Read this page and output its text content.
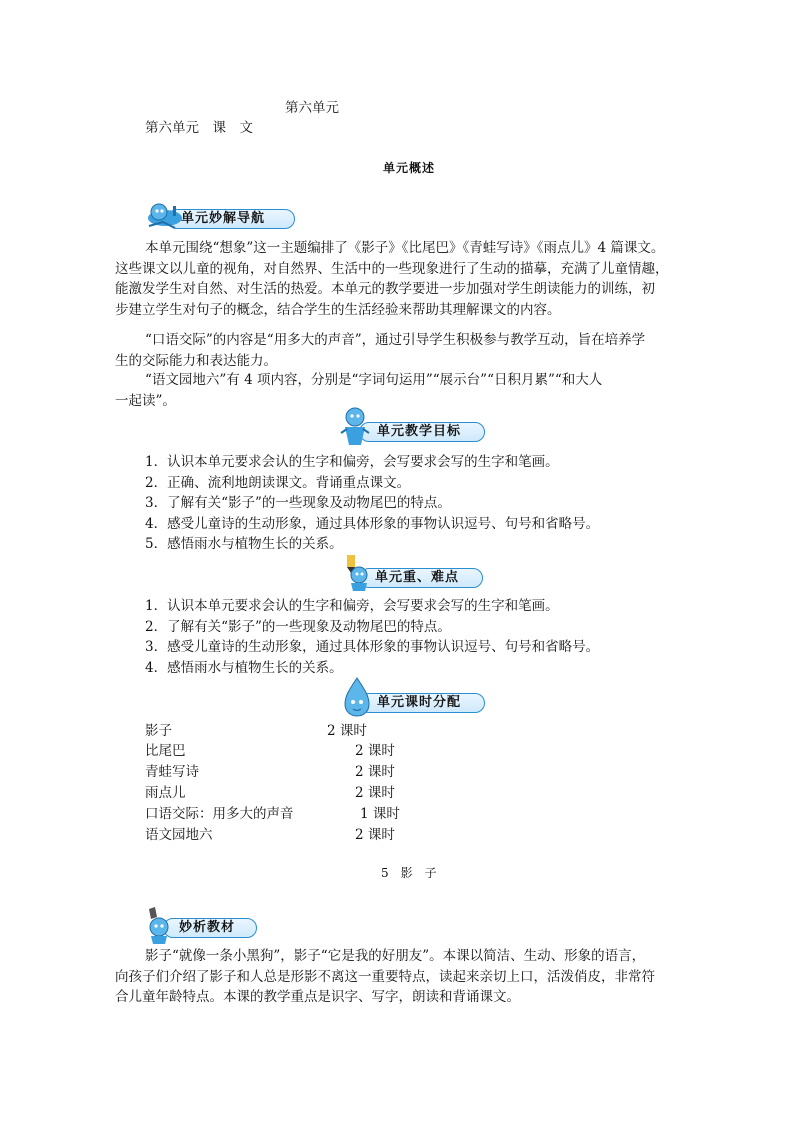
第六单元
第六单元　课　文
单元概述
单元妙解导航
本单元围绕“想象”这一主题编排了《影子》《比尾巴》《青蛙写诗》《雨点儿》4 篇课文。
这些课文以儿童的视角，对自然界、生活中的一些现象进行了生动的描摹，充满了儿童情趣，
能激发学生对自然、对生活的热爱。本单元的教学要进一步加强对学生朗读能力的训练，初
步建立学生对句子的概念，结合学生的生活经验来帮助其理解课文的内容。
“口语交际”的内容是“用多大的声音”，通过引导学生积极参与教学互动，旨在培养学
生的交际能力和表达能力。
“语文园地六”有 4 项内容，分别是“字词句运用”“展示台”“日积月累”“和大人
一起读”。
单元教学目标
1．认识本单元要求会认的生字和偏旁，会写要求会写的生字和笔画。
2．正确、流利地朗读课文。背诵重点课文。
3．了解有关“影子”的一些现象及动物尾巴的特点。
4．感受儿童诗的生动形象，通过具体形象的事物认识逗号、句号和省略号。
5．感悟雨水与植物生长的关系。
单元重、难点
1．认识本单元要求会认的生字和偏旁，会写要求会写的生字和笔画。
2．了解有关“影子”的一些现象及动物尾巴的特点。
3．感受儿童诗的生动形象，通过具体形象的事物认识逗号、句号和省略号。
4．感悟雨水与植物生长的关系。
单元课时分配
影子	2 课时
比尾巴	2 课时
青蛙写诗	2 课时
雨点儿	2 课时
口语交际：用多大的声音	1 课时
语文园地六	2 课时
5　影　子
妙析教材
影子“就像一条小黑狗”，影子“它是我的好朋友”。本课以简洁、生动、形象的语言，
向孩子们介绍了影子和人总是形影不离这一重要特点，读起来亲切上口，活泼俏皮，非常符
合儿童年龄特点。本课的教学重点是识字、写字，朗读和背诵课文。
